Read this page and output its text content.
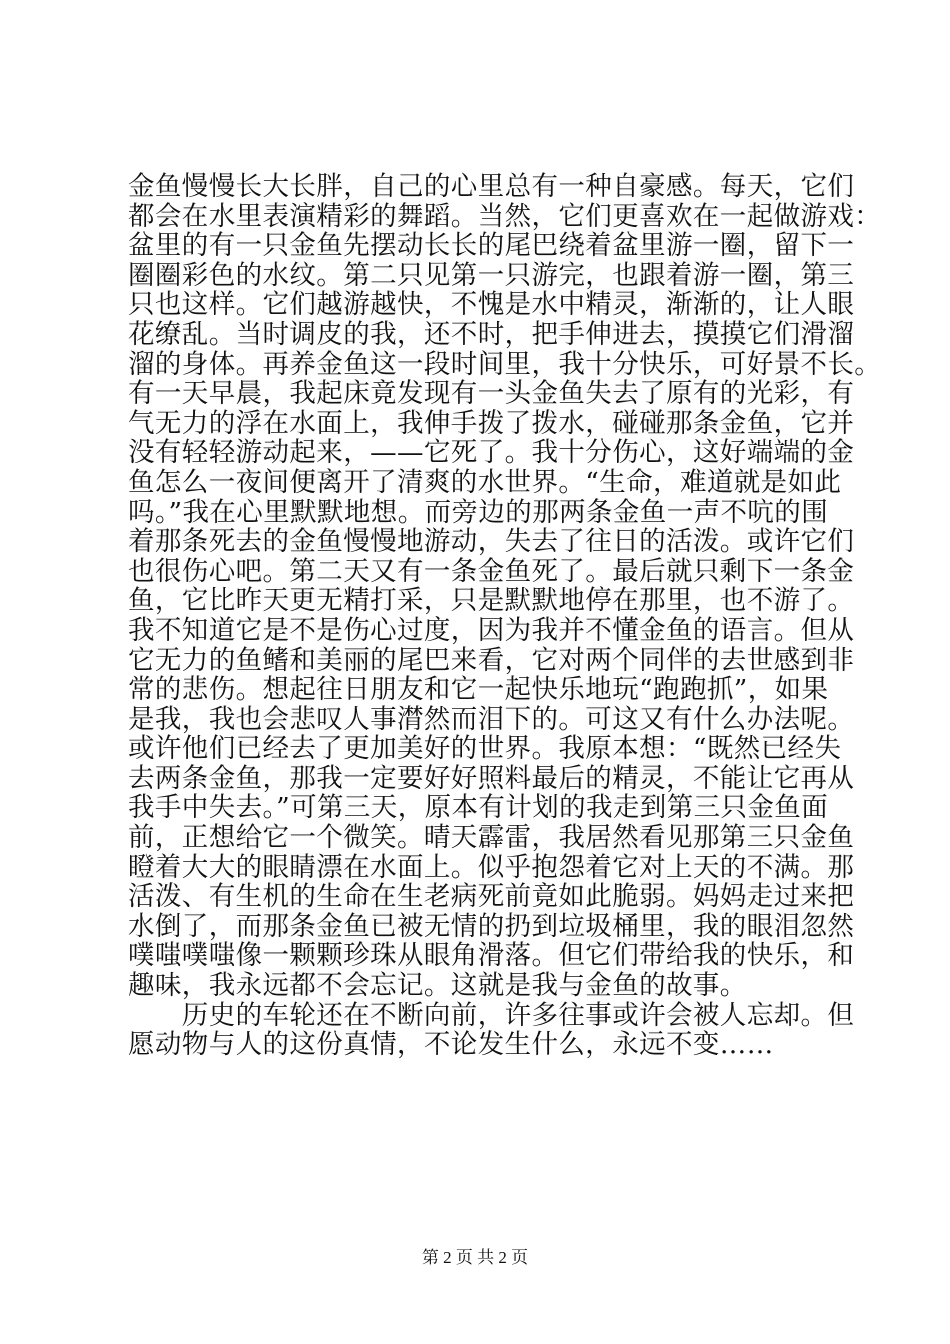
金鱼慢慢长大长胖，自己的心里总有一种自豪感。每天，它们
都会在水里表演精彩的舞蹈。当然，它们更喜欢在一起做游戏：
盆里的有一只金鱼先摆动长长的尾巴绕着盆里游一圈，留下一
圈圈彩色的水纹。第二只见第一只游完，也跟着游一圈，第三
只也这样。它们越游越快，不愧是水中精灵，渐渐的，让人眼
花缭乱。当时调皮的我，还不时，把手伸进去，摸摸它们滑溜
溜的身体。再养金鱼这一段时间里，我十分快乐，可好景不长。
有一天早晨，我起床竟发现有一头金鱼失去了原有的光彩，有
气无力的浮在水面上，我伸手拨了拨水，碰碰那条金鱼，它并
没有轻轻游动起来，——它死了。我十分伤心，这好端端的金
鱼怎么一夜间便离开了清爽的水世界。“生命，难道就是如此
吗。”我在心里默默地想。而旁边的那两条金鱼一声不吭的围
着那条死去的金鱼慢慢地游动，失去了往日的活泼。或许它们
也很伤心吧。第二天又有一条金鱼死了。最后就只剩下一条金
鱼，它比昨天更无精打采，只是默默地停在那里，也不游了。
我不知道它是不是伤心过度，因为我并不懂金鱼的语言。但从
它无力的鱼鳍和美丽的尾巴来看，它对两个同伴的去世感到非
常的悲伤。想起往日朋友和它一起快乐地玩“跑跑抓”，如果
是我，我也会悲叹人事潸然而泪下的。可这又有什么办法呢。
或许他们已经去了更加美好的世界。我原本想：“既然已经失
去两条金鱼，那我一定要好好照料最后的精灵，不能让它再从
我手中失去。”可第三天，原本有计划的我走到第三只金鱼面
前，正想给它一个微笑。晴天霹雷，我居然看见那第三只金鱼
瞪着大大的眼睛漂在水面上。似乎抱怨着它对上天的不满。那
活泼、有生机的生命在生老病死前竟如此脆弱。妈妈走过来把
水倒了，而那条金鱼已被无情的扔到垃圾桶里，我的眼泪忽然
噗嗤噗嗤像一颗颗珍珠从眼角滑落。但它们带给我的快乐，和
趣味，我永远都不会忘记。这就是我与金鱼的故事。
　　历史的车轮还在不断向前，许多往事或许会被人忘却。但
愿动物与人的这份真情，不论发生什么，永远不变……
第 2 页 共 2 页
